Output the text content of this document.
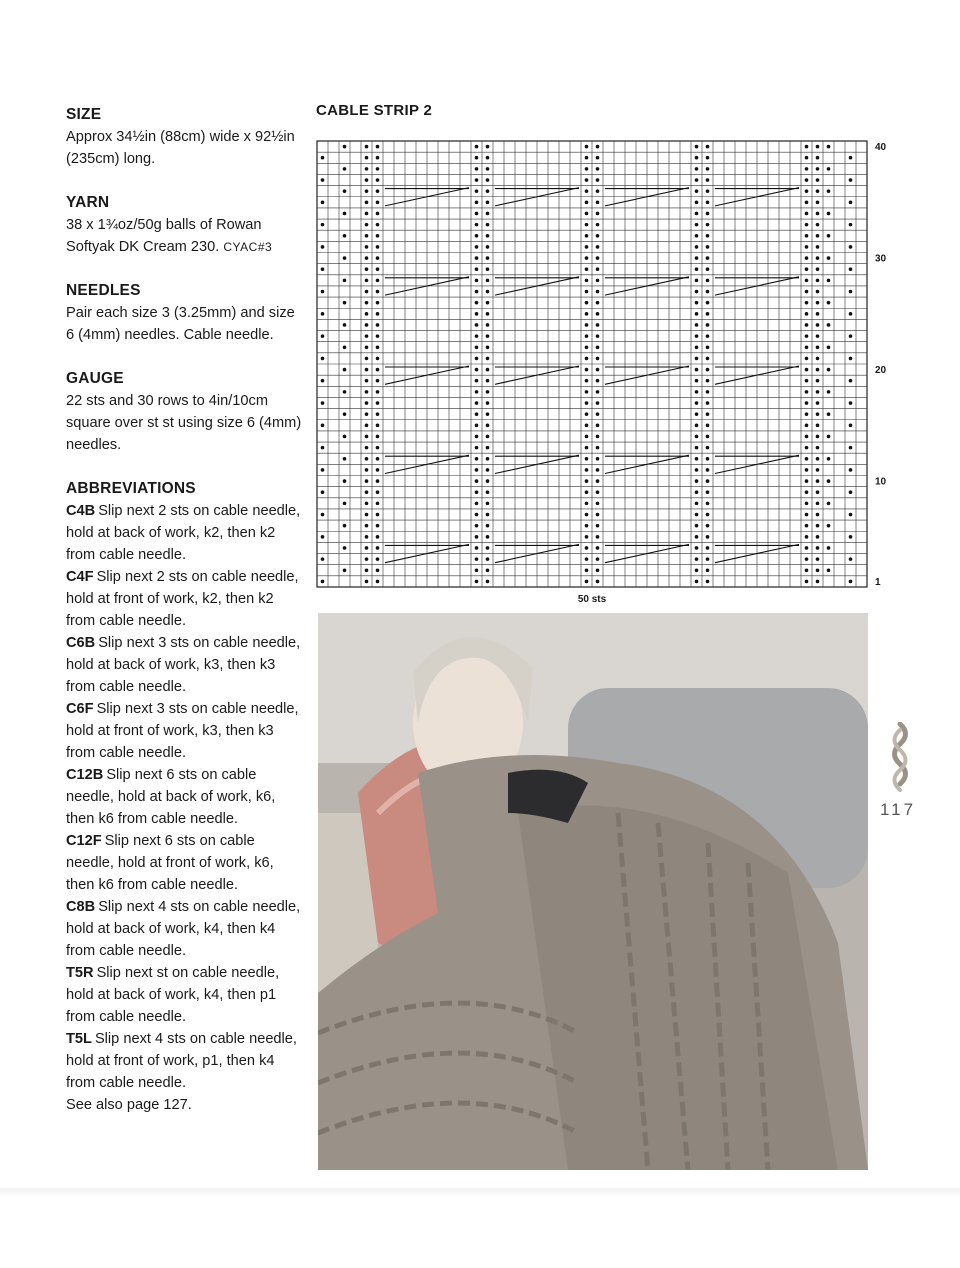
SIZE

Approx 34½in (88cm) wide x 92½in (235cm) long.

YARN

38 x 1¾oz/50g balls of Rowan Softyak DK Cream 230. CYAC#3

NEEDLES

Pair each size 3 (3.25mm) and size 6 (4mm) needles. Cable needle.

GAUGE

22 sts and 30 rows to 4in/10cm square over st st using size 6 (4mm) needles.

ABBREVIATIONS
C4B Slip next 2 sts on cable needle, hold at back of work, k2, then k2 from cable needle.
C4F Slip next 2 sts on cable needle, hold at front of work, k2, then k2 from cable needle.
C6B Slip next 3 sts on cable needle, hold at back of work, k3, then k3 from cable needle.
C6F Slip next 3 sts on cable needle, hold at front of work, k3, then k3 from cable needle.
C12B Slip next 6 sts on cable needle, hold at back of work, k6, then k6 from cable needle.
C12F Slip next 6 sts on cable needle, hold at front of work, k6, then k6 from cable needle.
C8B Slip next 4 sts on cable needle, hold at back of work, k4, then k4 from cable needle.
T5R Slip next st on cable needle, hold at back of work, k4, then p1 from cable needle.
T5L Slip next 4 sts on cable needle, hold at front of work, p1, then k4 from cable needle.
See also page 127.
CABLE STRIP 2
40
30
20
10
1
50 sts
117
